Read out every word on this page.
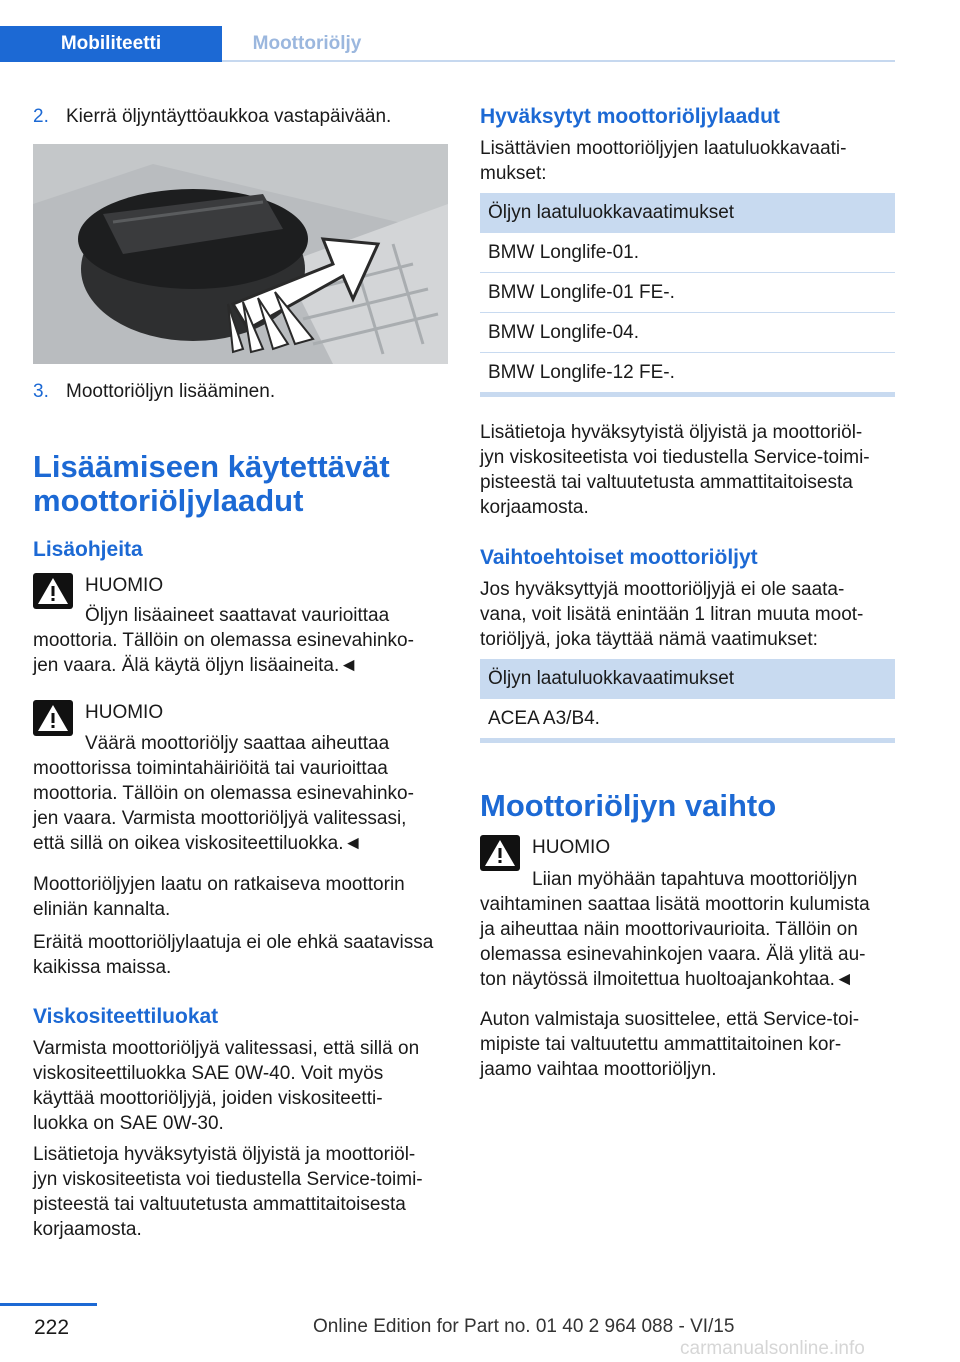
Mobiliteetti	Moottoriöljy
2. Kierrä öljyntäyttöaukkoa vastapäivään.
3. Moottoriöljyn lisääminen.
Lisäämiseen käytettävät
moottoriöljylaadut
Lisäohjeita
HUOMIO
Öljyn lisäaineet saattavat vaurioittaa
moottoria. Tällöin on olemassa esinevahinko-
jen vaara. Älä käytä öljyn lisäaineita.◄
HUOMIO
Väärä moottoriöljy saattaa aiheuttaa
moottorissa toimintahäiriöitä tai vaurioittaa
moottoria. Tällöin on olemassa esinevahinko-
jen vaara. Varmista moottoriöljyä valitessasi,
että sillä on oikea viskositeettiluokka.◄
Moottoriöljyjen laatu on ratkaiseva moottorin
eliniän kannalta.
Eräitä moottoriöljylaatuja ei ole ehkä saatavissa
kaikissa maissa.
Viskositeettiluokat
Varmista moottoriöljyä valitessasi, että sillä on
viskositeettiluokka SAE 0W-40. Voit myös
käyttää moottoriöljyjä, joiden viskositeetti-
luokka on SAE 0W-30.
Lisätietoja hyväksytyistä öljyistä ja moottoriöl-
jyn viskositeetista voi tiedustella Service-toimi-
pisteestä tai valtuutetusta ammattitaitoisesta
korjaamosta.
Hyväksytyt moottoriöljylaadut
Lisättävien moottoriöljyjen laatuluokkavaati-
mukset:
Öljyn laatuluokkavaatimukset
BMW Longlife-01.
BMW Longlife-01 FE-.
BMW Longlife-04.
BMW Longlife-12 FE-.
Lisätietoja hyväksytyistä öljyistä ja moottoriöl-
jyn viskositeetista voi tiedustella Service-toimi-
pisteestä tai valtuutetusta ammattitaitoisesta
korjaamosta.
Vaihtoehtoiset moottoriöljyt
Jos hyväksyttyjä moottoriöljyjä ei ole saata-
vana, voit lisätä enintään 1 litran muuta moot-
toriöljyä, joka täyttää nämä vaatimukset:
Öljyn laatuluokkavaatimukset
ACEA A3/B4.
Moottoriöljyn vaihto
HUOMIO
Liian myöhään tapahtuva moottoriöljyn
vaihtaminen saattaa lisätä moottorin kulumista
ja aiheuttaa näin moottorivaurioita. Tällöin on
olemassa esinevahinkojen vaara. Älä ylitä au-
ton näytössä ilmoitettua huoltoajankohtaa.◄
Auton valmistaja suosittelee, että Service-toi-
mipiste tai valtuutettu ammattitaitoinen kor-
jaamo vaihtaa moottoriöljyn.
222	Online Edition for Part no. 01 40 2 964 088 - VI/15
carmanualsonline.info
